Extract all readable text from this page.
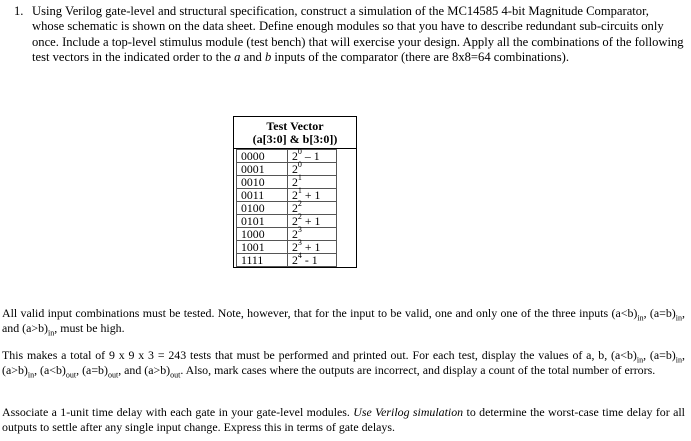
1. Using Verilog gate-level and structural specification, construct a simulation of the MC14585 4-bit Magnitude Comparator, whose schematic is shown on the data sheet. Define enough modules so that you have to describe redundant sub-circuits only once. Include a top-level stimulus module (test bench) that will exercise your design. Apply all the combinations of the following test vectors in the indicated order to the a and b inputs of the comparator (there are 8x8=64 combinations).
Test Vector
(a[3:0] & b[3:0])
0000	$2^0 - 1$
0001	$2^0$
0010	$2^1$
0011	$2^1 + 1$
0100	$2^2$
0101	$2^2 + 1$
1000	$2^3$
1001	$2^3 + 1$
1111	$2^4 - 1$
All valid input combinations must be tested. Note, however, that for the input to be valid, one and only one of the three inputs $(a<b)_{in}$, $(a=b)_{in}$, and $(a>b)_{in}$, must be high.
This makes a total of 9 x 9 x 3 = 243 tests that must be performed and printed out. For each test, display the values of a, b, $(a<b)_{in}$, $(a=b)_{in}$, $(a>b)_{in}$, $(a<b)_{out}$, $(a=b)_{out}$, and $(a>b)_{out}$. Also, mark cases where the outputs are incorrect, and display a count of the total number of errors.
Associate a 1-unit time delay with each gate in your gate-level modules. Use Verilog simulation to determine the worst-case time delay for all outputs to settle after any single input change. Express this in terms of gate delays.
